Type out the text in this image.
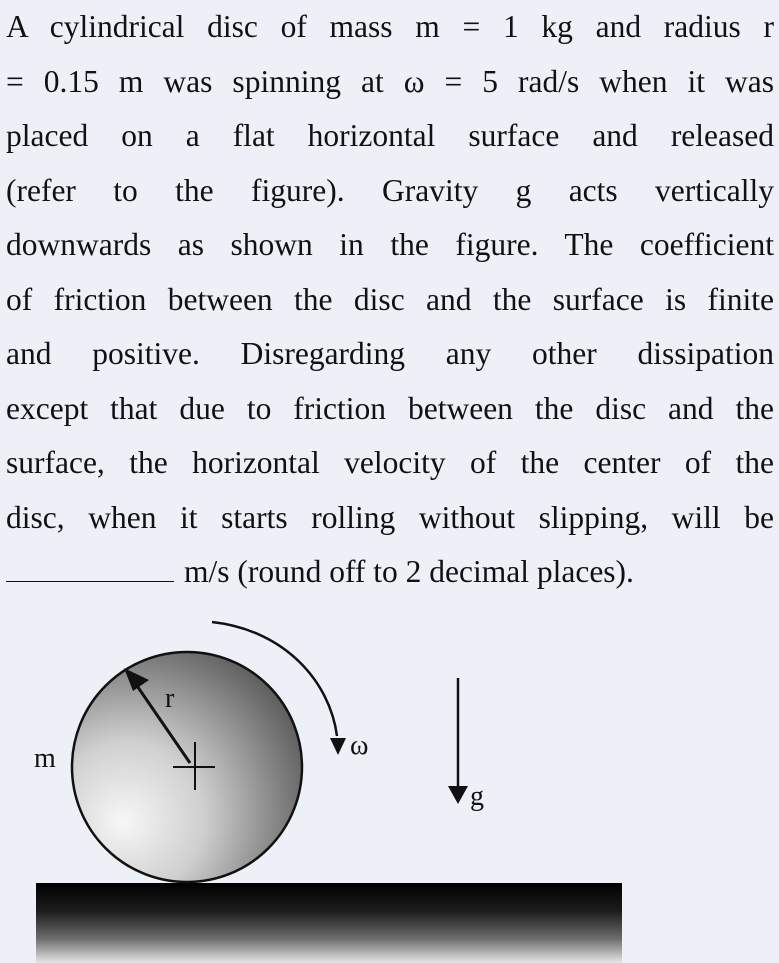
A cylindrical disc of mass m = 1 kg and radius r
= 0.15 m was spinning at ω = 5 rad/s when it was
placed on a flat horizontal surface and released
(refer to the figure). Gravity g acts vertically
downwards as shown in the figure. The coefficient
of friction between the disc and the surface is finite
and positive. Disregarding any other dissipation
except that due to friction between the disc and the
surface, the horizontal velocity of the center of the
disc, when it starts rolling without slipping, will be
m/s (round off to 2 decimal places).
m
r
ω
g
